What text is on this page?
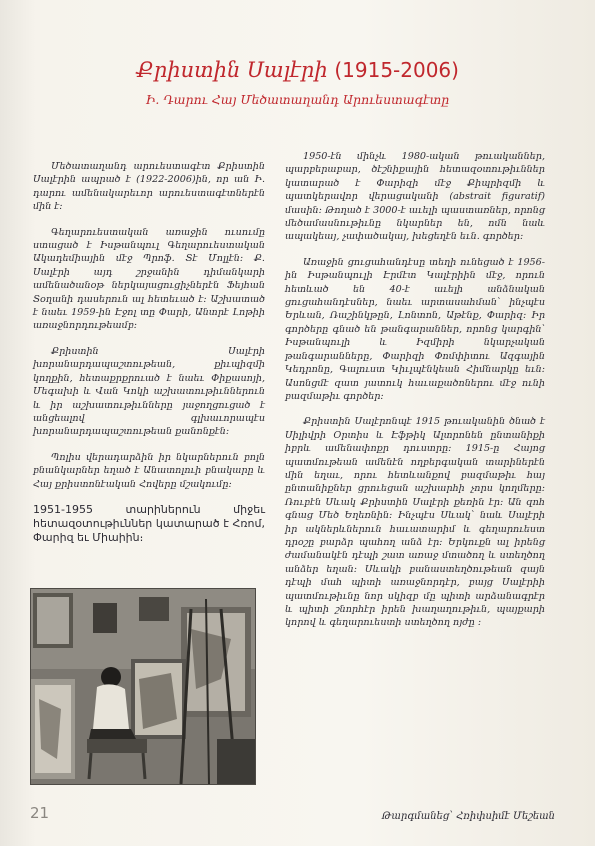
Քրիստին Սալէրի (1915-2006)
Ի. Դարու Հայ Մեծատաղանդ Արուեստագէտը

Մեծատաղանդ արուեստագէտ Քրիստին Սալէրին ապրած է (1922-2006)ին, որ ան Ի. դարու ամենակարեւոր արուեստագէտներէն մին է։

Գեղարուեստական առաջին ուսումը ստացած է Իսթանպուլ Գեղարուեստական Ակադեմիային մէջ Պրոֆ. Տէ Մոլլէն։ Ք. Սալէրի այդ շրջանին դիմանկարի ամենածանօթ ներկայացուցիչներէն Ֆեյհան Տօղանի դասերուն ալ հետեւած է։ Աշխատած է նաեւ 1959-ին Էջոլ տը Փարի, Անտրէ Լոթիի առաջնորդութեամբ։

Քրիստին Սալէրի խորանարդապաշտութեան, քիւպիզմի կողքին, հետաքրքրուած է նաեւ Փիքասոյի, Մեգախի և Վան Կոկի աշխատութիւններուն և իր աշխատութիւնները յաջողցուցած է անցեալով գլխաւորապէս խորանարդապաշտութեան քանոնքէն։

Պոլիս վերադարձին իր նկարներուն բոլն բնանկարներ եղած է Անատոլուի բնակարը և Հայ քրիստոնէական Հովերը մշակումը։

1951-1955 տարիներուն միջեւ հետազօտութիւններ կատարած է Հռոմ, Փարիզ եւ Միաիին։

1950-էն մինչև 1980-ական թուականներ, պարբերաբար, ծէշնիքային հետազօտութիւններ կատարած է Փարիզի մէջ Քիպրիզմի և պատկերավոր վերացականի (abstrait figuratif) մասին։ Թողած է 3000-է աւելի պաստառներ, որոնց մեծամասնութիւնը նկարներ են, ոմն նաև ապակեայ, չափածակայ, խեցեղէն եւն. գործեր։

Առաջին ցուցահանդէսը տեղի ունեցած է 1956-ին Իսթանպուլի Էրմէտ Կալէրիին մէջ, որուն հետևած են 40-է աւելի անձնական ցուցահանդէսներ, նաեւ արտասահման՝ ինչպէս Երևան, Ռաշինկթըն, Լոնտոն, Աթէնք, Փարիզ։ Իր գործերը գնած են թանգարաններ, որոնց կարգին՝ Իսթանպուլի և Իզմիրի նկարչական թանգարանները, Փարիզի Փոմփիտու Ազգային Կեդրոնը, Գալուստ Կիւլպէնկեան Հիմնարկը եւն։ Ասոնցմէ զատ յատուկ հաւաքածոներու մէջ ունի բազմաթիւ գործեր։

Քրիստին Սալէրոնպէ 1915 թուականին ծնած է Սիլիվրի Օրտիս և Էֆթիկ Ալտրոնեն ընտանիքի իբրև ամենափոքր դուստրը։ 1915-ը Հայոց պատմութեան ամենէն ողբերգական տարիներէն մին եղաւ, որու հետևանքով բազմաթիւ հայ ընտանիքներ ցրուեցան աշխարհի չորս կողմերը։ Ռուբէն Սևակ Քրիստին Սալէրի քեռին էր։ Ան զոհ գնաց Մեծ Եղեռնին։ Ինչպէս Սևակ՝ նաև Սալէրի իր ակներևներուն հաւատարիմ և գեղարուեստ դրօշը բարձր պահող անձ էր։ Երկուքն ալ իրենց ժամանակէն դէպի շատ առաջ մտածող և ստեղծող անձեր եղան։ Սևակի բանաստեղծութեան զայն դէպի մահ պիտի առաջնորդէր, բայց Սալէրիի պատմութիւնը նոր սկիզբ մը պիտի արձանագրէր և պիտի շնորհէր իրեն խաղաղութիւն, պայքարի կորով և գեղարուեստի ստեղծող ոյժը ։

21	Թարգմանեց՝ Հռիփսիմէ Մեշեան
